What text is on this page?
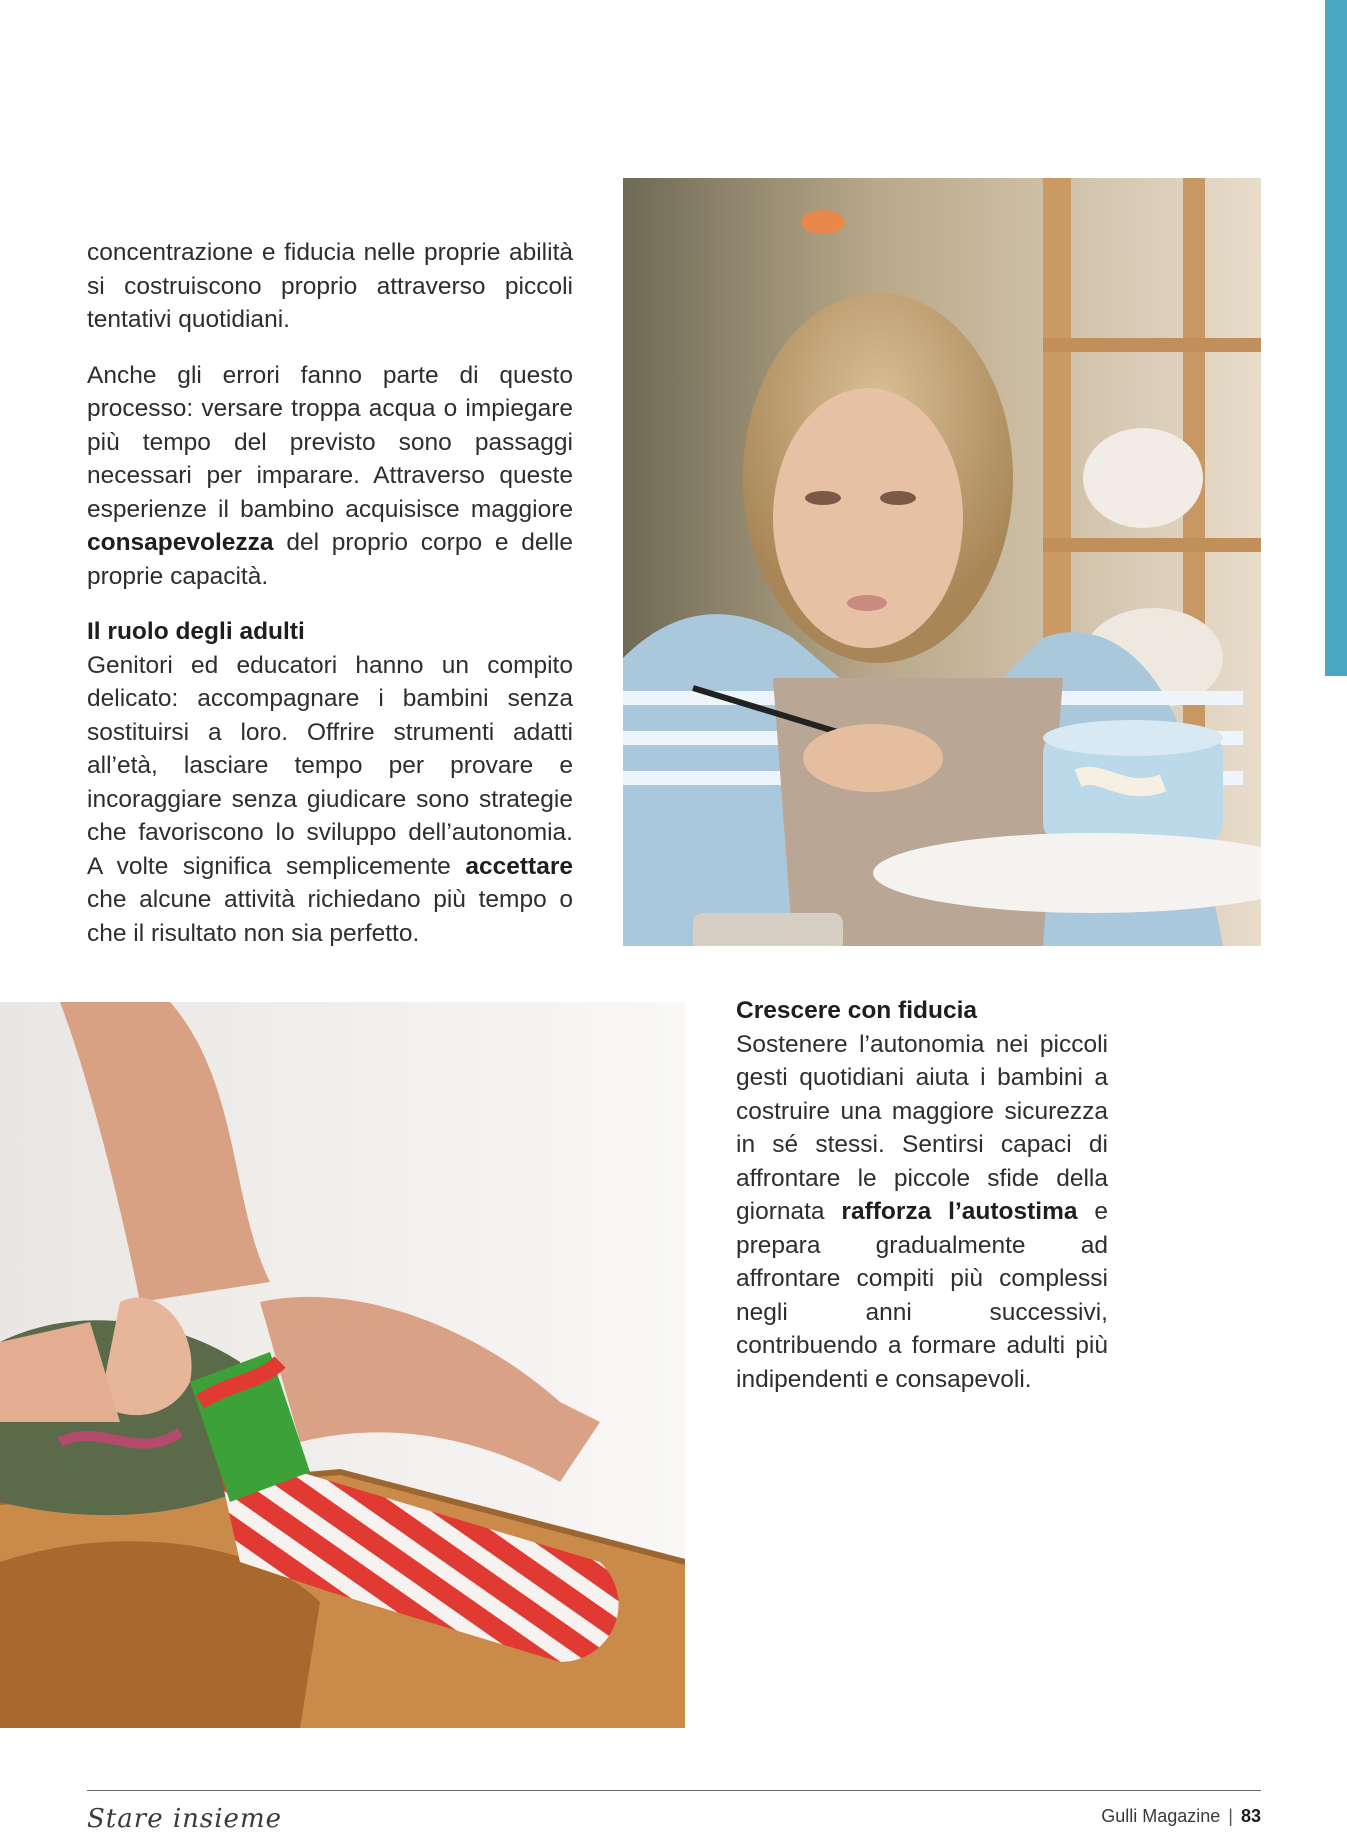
concentrazione e fiducia nelle proprie abilità si costruiscono proprio attraverso piccoli tentativi quotidiani.

Anche gli errori fanno parte di questo processo: versare troppa acqua o impiegare più tempo del previsto sono passaggi necessari per imparare. Attraverso queste esperienze il bambino acquisisce maggiore consapevolezza del proprio corpo e delle proprie capacità.

Il ruolo degli adulti

Genitori ed educatori hanno un compito delicato: accompagnare i bambini senza sostituirsi a loro. Offrire strumenti adatti all’età, lasciare tempo per provare e incoraggiare senza giudicare sono strategie che favoriscono lo sviluppo dell’autonomia. A volte significa semplicemente accettare che alcune attività richiedano più tempo o che il risultato non sia perfetto.

Crescere con fiducia

Sostenere l’autonomia nei piccoli gesti quotidiani aiuta i bambini a costruire una maggiore sicurezza in sé stessi. Sentirsi capaci di affrontare le piccole sfide della giornata rafforza l’autostima e prepara gradualmente ad affrontare compiti più complessi negli anni successivi, contribuendo a formare adulti più indipendenti e consapevoli.

Stare insieme	Gulli Magazine | 83
